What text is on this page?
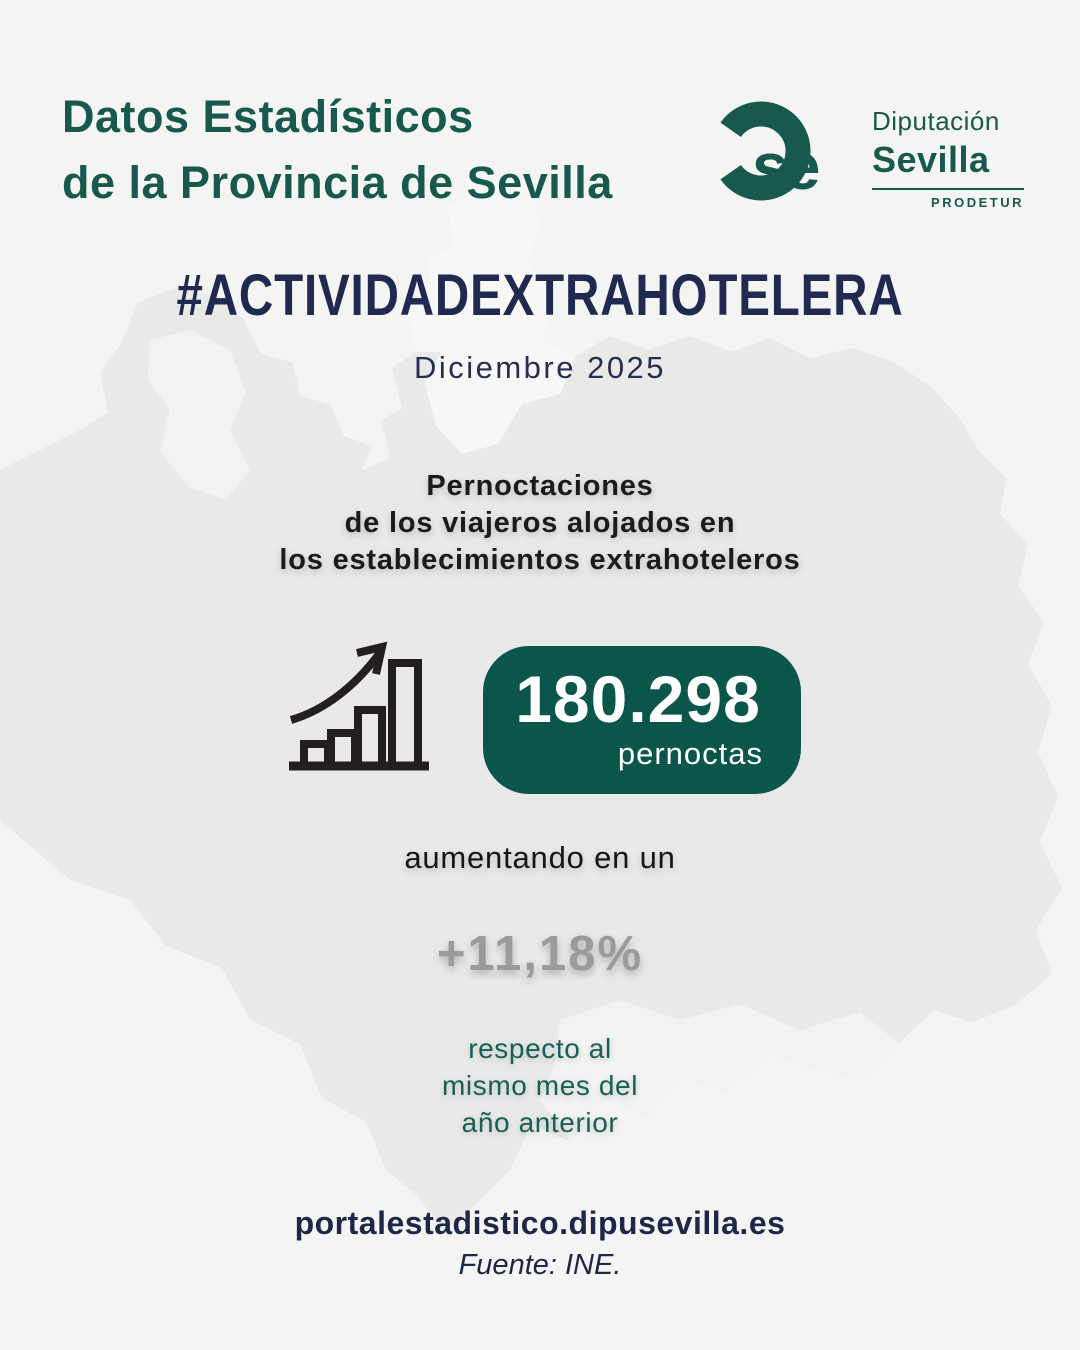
Datos Estadísticos
de la Provincia de Sevilla se
Diputación
Sevilla
PRODETUR
#ACTIVIDADEXTRAHOTELERA
Diciembre 2025
Pernoctaciones
de los viajeros alojados en
los establecimientos extrahoteleros
180.298
pernoctas
aumentando en un
+11,18%
respecto al
mismo mes del
año anterior
portalestadistico.dipusevilla.es
Fuente: INE.
